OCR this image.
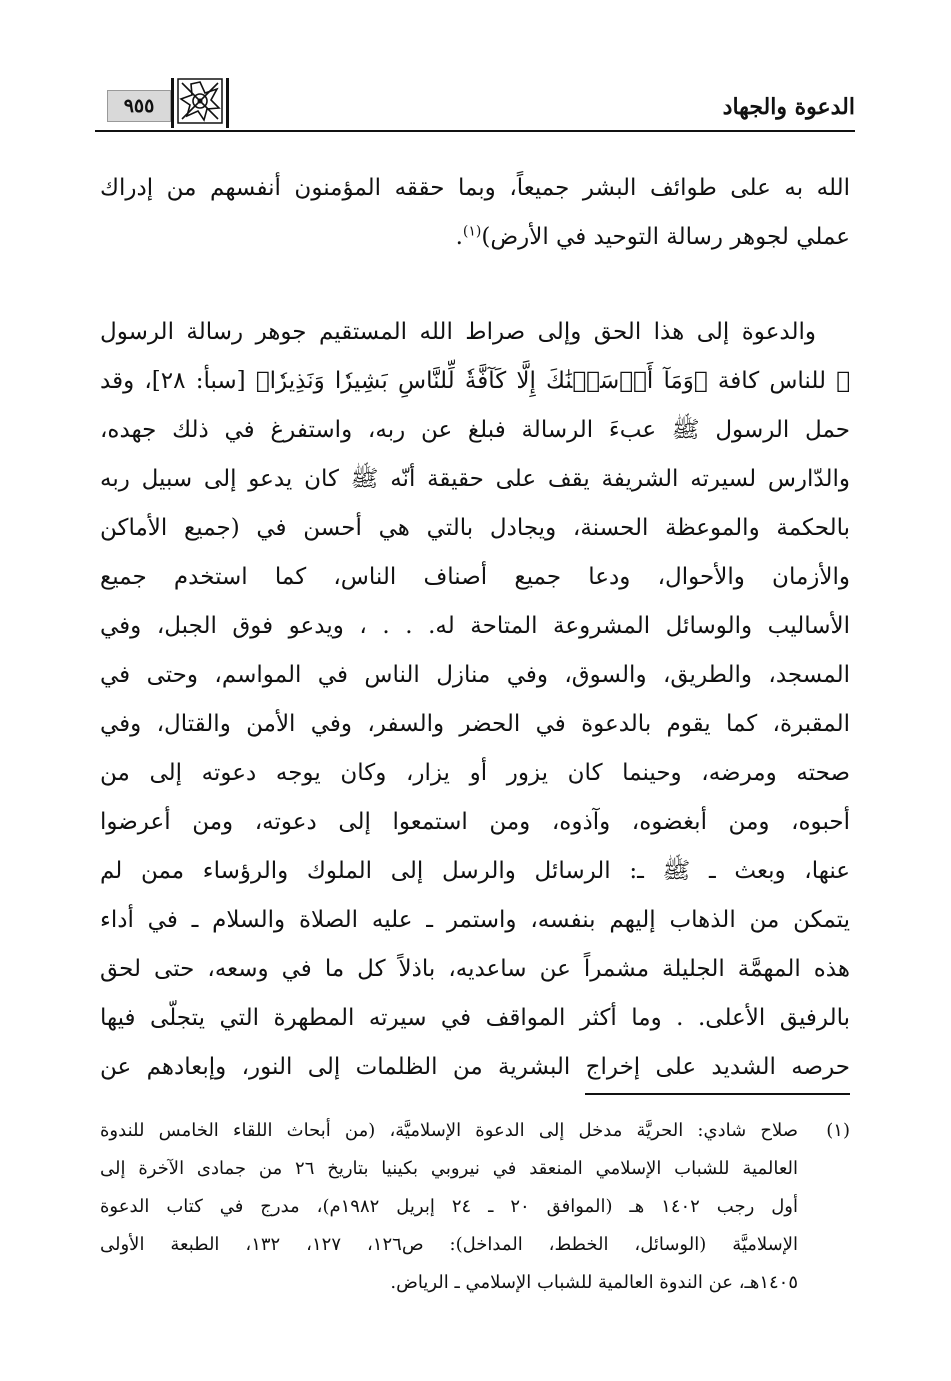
٩٥٥	الدعوة والجهاد
الله به على طوائف البشر جميعاً، وبما حققه المؤمنون أنفسهم من إدراك
عملي لجوهر رسالة التوحيد في الأرض)$^{(١)}$.
والدعوة إلى هذا الحق وإلى صراط الله المستقيم جوهر رسالة الرسول
ﷺ للناس كافة ﴿وَمَآ أَرۡسَلۡنَٰكَ إِلَّا كَآفَّةٗ لِّلنَّاسِ بَشِيرٗا وَنَذِيرٗا﴾ [سبأ: ٢٨]، وقد
حمل الرسول ﷺ عبءَ الرسالة فبلغ عن ربه، واستفرغ في ذلك جهده،
والدّارس لسيرته الشريفة يقف على حقيقة أنّه ﷺ كان يدعو إلى سبيل ربه
بالحكمة والموعظة الحسنة، ويجادل بالتي هي أحسن في (جميع الأماكن
والأزمان والأحوال، ودعا جميع أصناف الناس، كما استخدم جميع
الأساليب والوسائل المشروعة المتاحة له. . . ، ويدعو فوق الجبل، وفي
المسجد، والطريق، والسوق، وفي منازل الناس في المواسم، وحتى في
المقبرة، كما يقوم بالدعوة في الحضر والسفر، وفي الأمن والقتال، وفي
صحته ومرضه، وحينما كان يزور أو يزار، وكان يوجه دعوته إلى من
أحبوه، ومن أبغضوه، وآذوه، ومن استمعوا إلى دعوته، ومن أعرضوا
عنها، وبعث ـ ﷺ ـ: الرسائل والرسل إلى الملوك والرؤساء ممن لم
يتمكن من الذهاب إليهم بنفسه، واستمر ـ عليه الصلاة والسلام ـ في أداء
هذه المهمَّة الجليلة مشمراً عن ساعديه، باذلاً كل ما في وسعه، حتى لحق
بالرفيق الأعلى. . وما أكثر المواقف في سيرته المطهرة التي يتجلّى فيها
حرصه الشديد على إخراج البشرية من الظلمات إلى النور، وإبعادهم عن
(١)
صلاح شادي: الحريَّة مدخل إلى الدعوة الإسلاميَّة، (من أبحاث اللقاء الخامس للندوة
العالمية للشباب الإسلامي المنعقد في نيروبي بكينيا بتاريخ ٢٦ من جمادى الآخرة إلى
أول رجب ١٤٠٢ هـ (الموافق ٢٠ ـ ٢٤ إبريل ١٩٨٢م)، مدرج في كتاب الدعوة
الإسلاميَّة (الوسائل، الخطط، المداخل): ص١٢٦، ١٢٧، ١٣٢، الطبعة الأولى
١٤٠٥هـ، عن الندوة العالمية للشباب الإسلامي ـ الرياض.
